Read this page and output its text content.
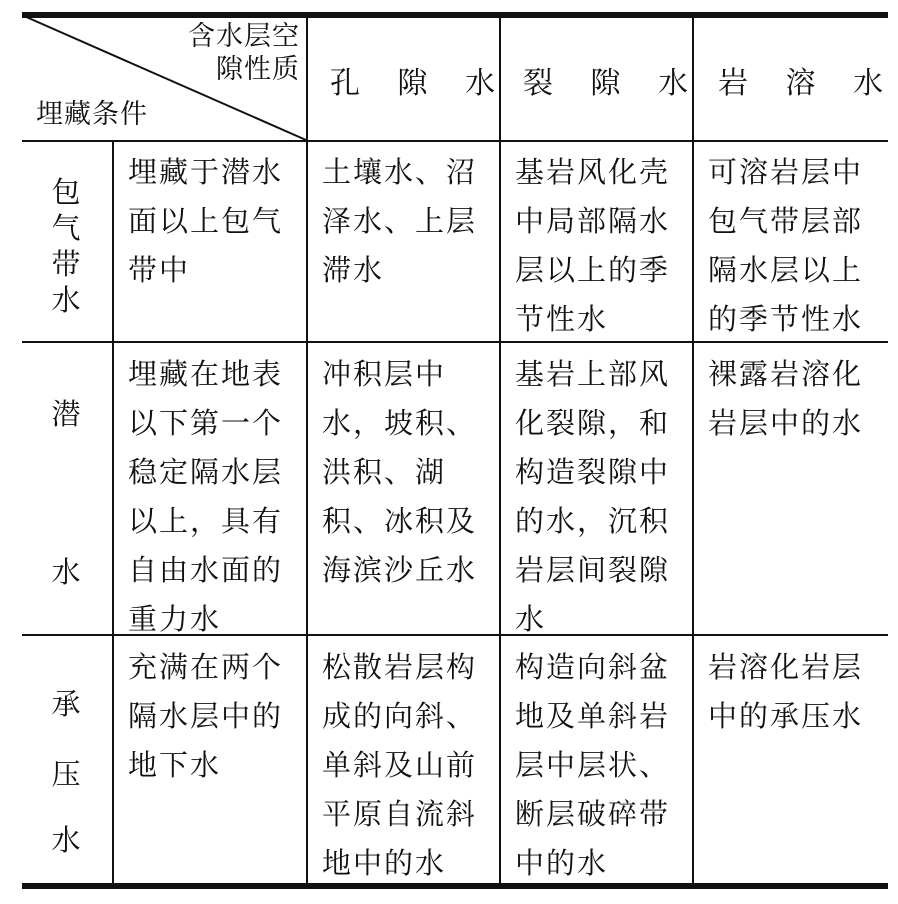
含水层空
隙性质
埋藏条件
孔 隙 水 裂 隙 水 岩 溶 水
包
气
带
水
潜
水
承
压
水
埋藏于潜水面以上包气带中
土壤水、沼泽水、上层滞水
基岩风化壳中局部隔水层以上的季节性水
可溶岩层中包气带层部隔水层以上的季节性水
埋藏在地表以下第一个稳定隔水层以上，具有自由水面的重力水
冲积层中水，坡积、洪积、湖积、冰积及海滨沙丘水
基岩上部风化裂隙，和构造裂隙中的水，沉积岩层间裂隙水
裸露岩溶化岩层中的水
充满在两个隔水层中的地下水
松散岩层构成的向斜、单斜及山前平原自流斜地中的水
构造向斜盆地及单斜岩层中层状、断层破碎带中的水
岩溶化岩层中的承压水
